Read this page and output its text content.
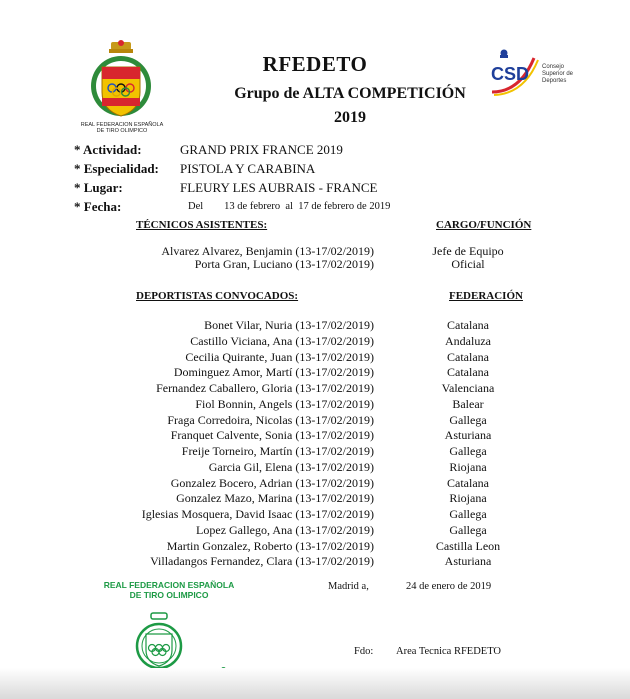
REAL FEDERACION ESPAÑOLA
DE TIRO OLIMPICO
RFEDETO
Grupo de ALTA COMPETICIÓN
2019
CSD Consejo
Superior de
Deportes
* Actividad:	GRAND PRIX FRANCE 2019
* Especialidad: PISTOLA Y CARABINA
* Lugar:	FLEURY LES AUBRAIS - FRANCE
* Fecha:	Del        13 de febrero  al  17 de febrero de 2019
TÉCNICOS ASISTENTES:	CARGO/FUNCIÓN
Alvarez Alvarez, Benjamin (13-17/02/2019)	Jefe de Equipo
Porta Gran, Luciano (13-17/02/2019)	Oficial
DEPORTISTAS CONVOCADOS:	FEDERACIÓN
Bonet Vilar, Nuria (13-17/02/2019)	Catalana
Castillo Viciana, Ana (13-17/02/2019)	Andaluza
Cecilia Quirante, Juan (13-17/02/2019)	Catalana
Dominguez Amor, Martí (13-17/02/2019)	Catalana
Fernandez Caballero, Gloria (13-17/02/2019)	Valenciana
Fiol Bonnin, Angels (13-17/02/2019)	Balear
Fraga Corredoira, Nicolas (13-17/02/2019)	Gallega
Franquet Calvente, Sonia (13-17/02/2019)	Asturiana
Freije Torneiro, Martín (13-17/02/2019)	Gallega
Garcia Gil, Elena (13-17/02/2019)	Riojana
Gonzalez Bocero, Adrian (13-17/02/2019)	Catalana
Gonzalez Mazo, Marina (13-17/02/2019)	Riojana
Iglesias Mosquera, David Isaac (13-17/02/2019)	Gallega
Lopez Gallego, Ana (13-17/02/2019)	Gallega
Martin Gonzalez, Roberto (13-17/02/2019)	Castilla Leon
Villadangos Fernandez, Clara (13-17/02/2019)	Asturiana
REAL FEDERACION ESPAÑOLA
DE TIRO OLIMPICO
Madrid a,	24 de enero de 2019
Fdo: Area Tecnica RFEDETO
